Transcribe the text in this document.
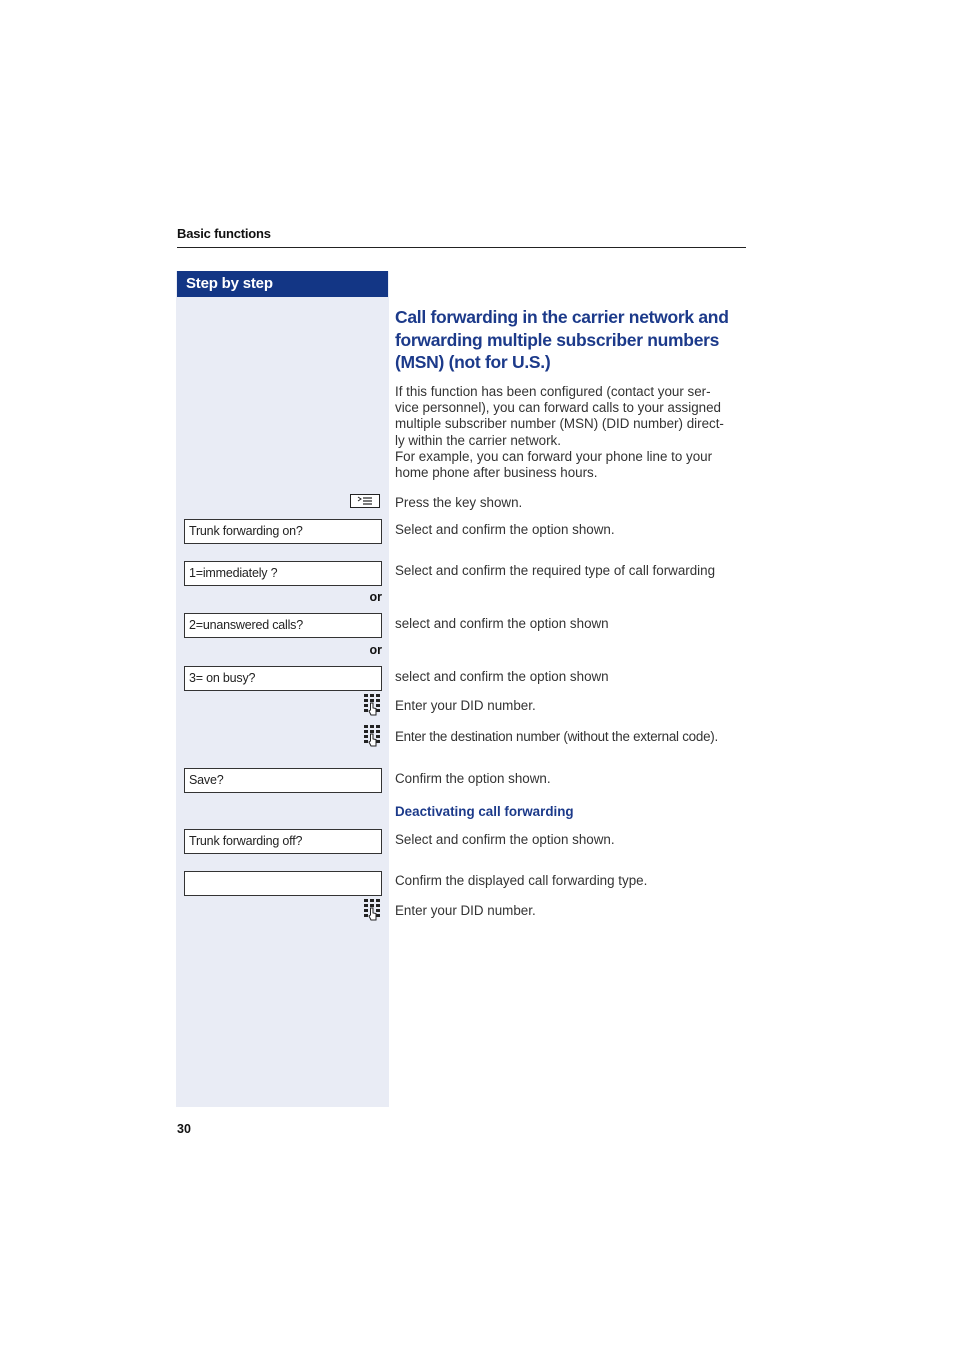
Basic functions
Step by step
Call forwarding in the carrier network and forwarding multiple subscriber numbers (MSN) (not for U.S.)
If this function has been configured (contact your ser-
vice personnel), you can forward calls to your assigned
multiple subscriber number (MSN) (DID number) direct-
ly within the carrier network.
For example, you can forward your phone line to your
home phone after business hours.
Press the key shown.
Trunk forwarding on?	Select and confirm the option shown.
1=immediately ?	Select and confirm the required type of call forwarding
or
2=unanswered calls?	select and confirm the option shown
or
3= on busy?	select and confirm the option shown
Enter your DID number.
Enter the destination number (without the external code).
Save?	Confirm the option shown.
Deactivating call forwarding
Trunk forwarding off?	Select and confirm the option shown.
Confirm the displayed call forwarding type.
Enter your DID number.
30
